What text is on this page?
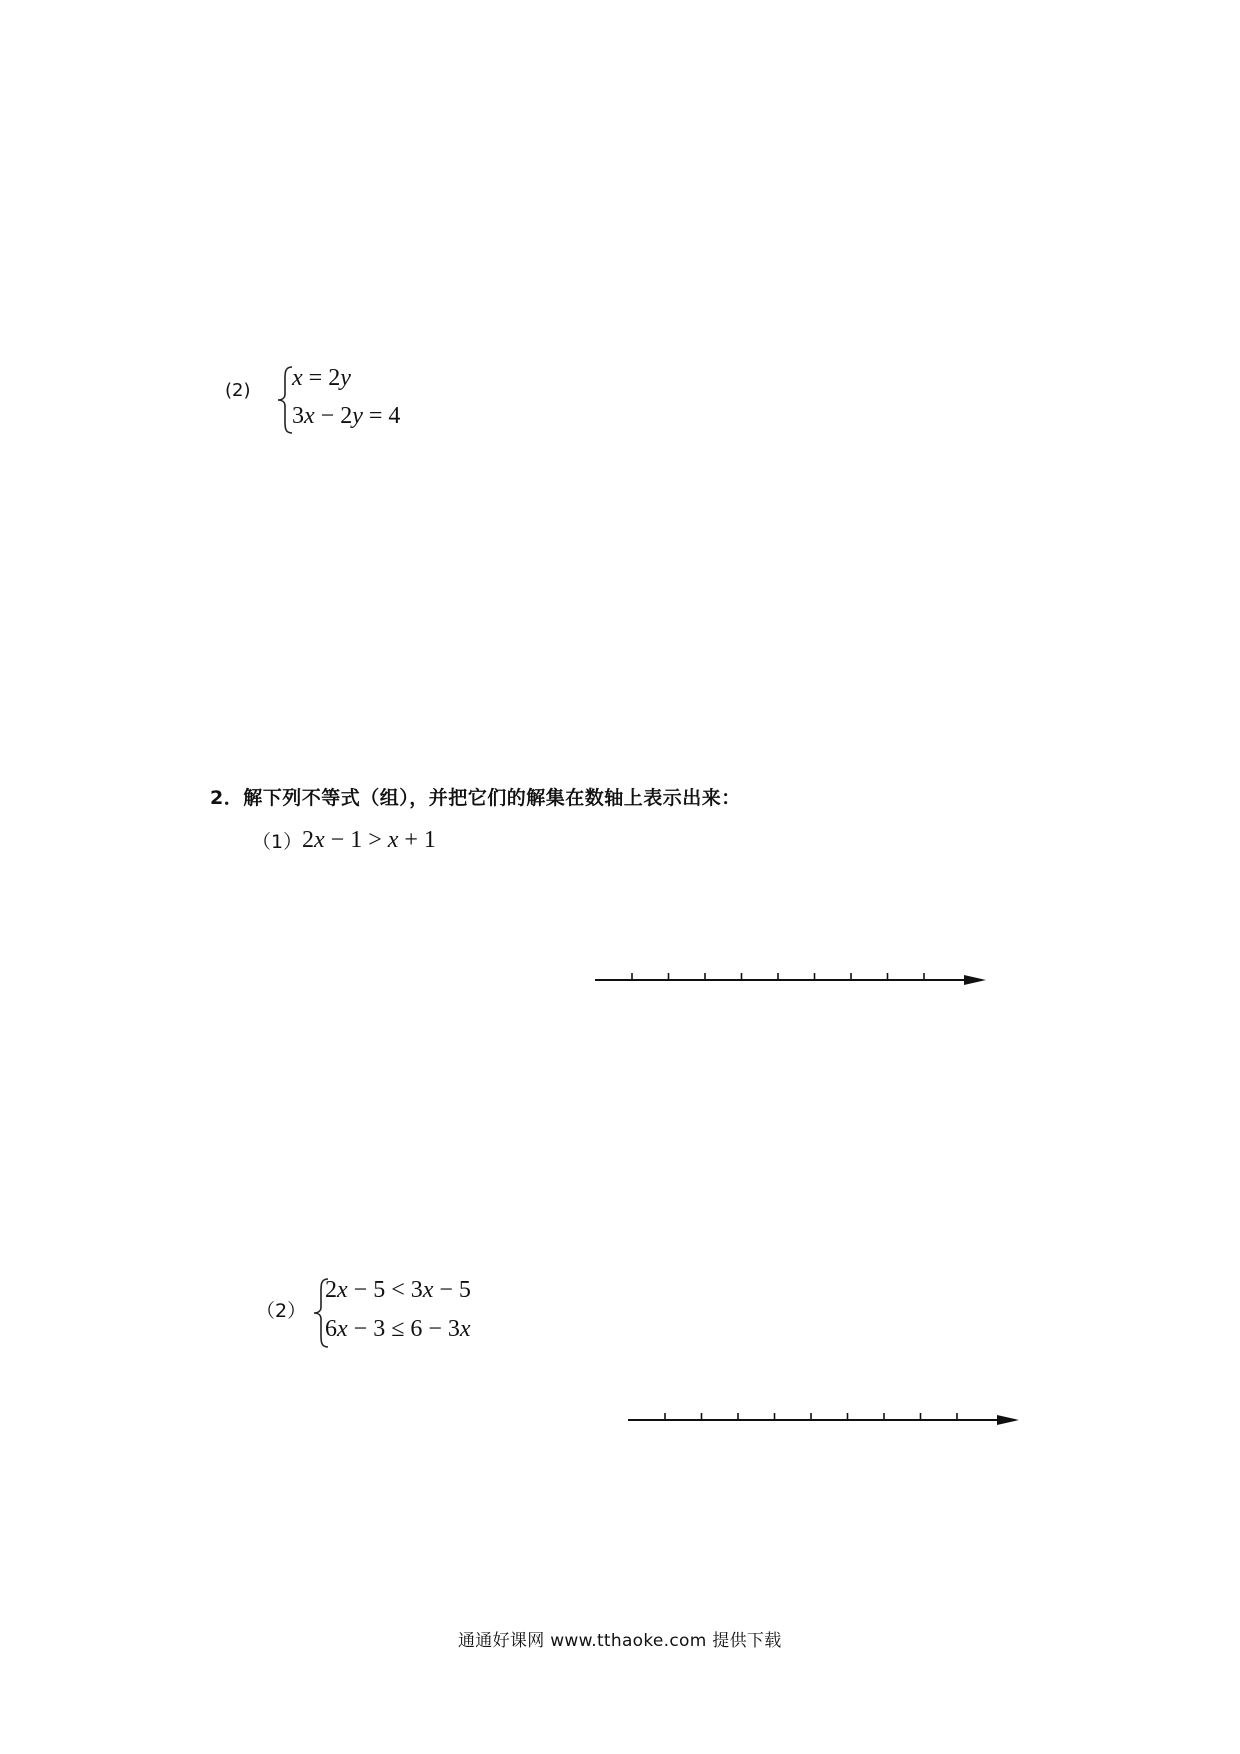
(2) x = 2y
3x − 2y = 4
2．解下列不等式（组），并把它们的解集在数轴上表示出来：
（1） 2x − 1 > x + 1
（2）
2x − 5 < 3x − 5
6x − 3 ≤ 6 − 3x
通通好课网 www.tthaoke.com 提供下载
